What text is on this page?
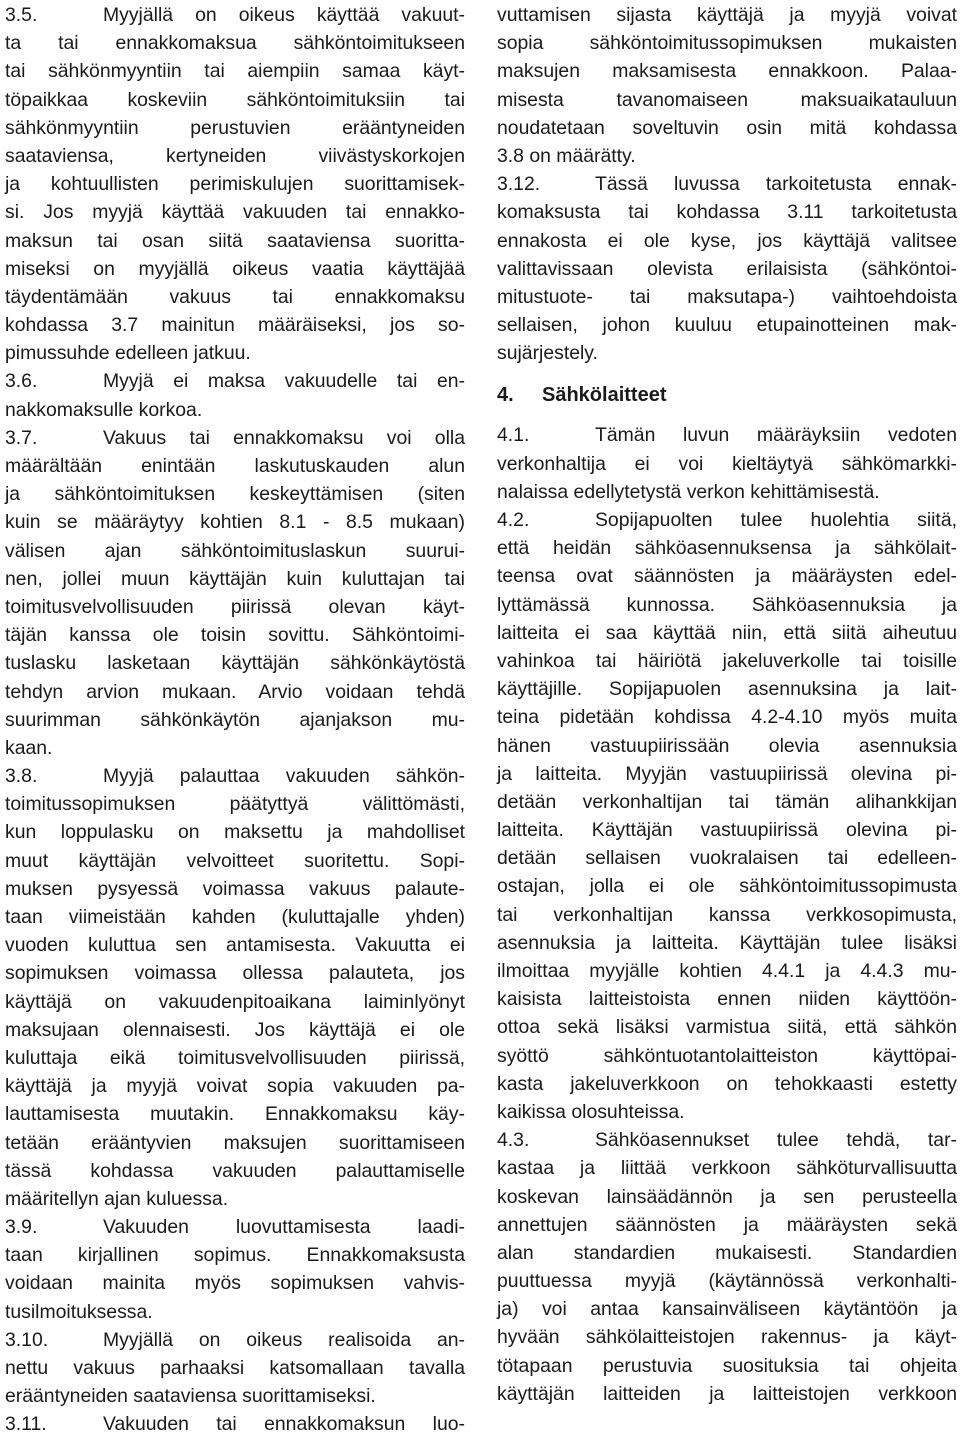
3.5.	Myyjällä on oikeus käyttää vakuut-
ta tai ennakkomaksua sähköntoimitukseen
tai sähkönmyyntiin tai aiempiin samaa käyt-
töpaikkaa koskeviin sähköntoimituksiin tai
sähkönmyyntiin perustuvien erääntyneiden
saataviensa, kertyneiden viivästyskorkojen
ja kohtuullisten perimiskulujen suorittamisek-
si. Jos myyjä käyttää vakuuden tai ennakko-
maksun tai osan siitä saataviensa suoritta-
miseksi on myyjällä oikeus vaatia käyttäjää
täydentämään vakuus tai ennakkomaksu
kohdassa 3.7 mainitun määräiseksi, jos so-
pimussuhde edelleen jatkuu.
3.6.	Myyjä ei maksa vakuudelle tai en-
nakkomaksulle korkoa.
3.7.	Vakuus tai ennakkomaksu voi olla
määrältään enintään laskutuskauden alun
ja sähköntoimituksen keskeyttämisen (siten
kuin se määräytyy kohtien 8.1 - 8.5 mukaan)
välisen ajan sähköntoimituslaskun suurui-
nen, jollei muun käyttäjän kuin kuluttajan tai
toimitusvelvollisuuden piirissä olevan käyt-
täjän kanssa ole toisin sovittu. Sähköntoimi-
tuslasku lasketaan käyttäjän sähkönkäytöstä
tehdyn arvion mukaan. Arvio voidaan tehdä
suurimman sähkönkäytön ajanjakson mu-
kaan.
3.8.	Myyjä palauttaa vakuuden sähkön-
toimitussopimuksen päätyttyä välittömästi,
kun loppulasku on maksettu ja mahdolliset
muut käyttäjän velvoitteet suoritettu. Sopi-
muksen pysyessä voimassa vakuus palaute-
taan viimeistään kahden (kuluttajalle yhden)
vuoden kuluttua sen antamisesta. Vakuutta ei
sopimuksen voimassa ollessa palauteta, jos
käyttäjä on vakuudenpitoaikana laiminlyönyt
maksujaan olennaisesti. Jos käyttäjä ei ole
kuluttaja eikä toimitusvelvollisuuden piirissä,
käyttäjä ja myyjä voivat sopia vakuuden pa-
lauttamisesta muutakin. Ennakkomaksu käy-
tetään erääntyvien maksujen suorittamiseen
tässä kohdassa vakuuden palauttamiselle
määritellyn ajan kuluessa.
3.9.	Vakuuden luovuttamisesta laadi-
taan kirjallinen sopimus. Ennakkomaksusta
voidaan mainita myös sopimuksen vahvis-
tusilmoituksessa.
3.10.	Myyjällä on oikeus realisoida an-
nettu vakuus parhaaksi katsomallaan tavalla
erääntyneiden saataviensa suorittamiseksi.
3.11.	Vakuuden tai ennakkomaksun luo-
vuttamisen sijasta käyttäjä ja myyjä voivat
sopia sähköntoimitussopimuksen mukaisten
maksujen maksamisesta ennakkoon. Palaa-
misesta tavanomaiseen maksuaikatauluun
noudatetaan soveltuvin osin mitä kohdassa
3.8 on määrätty.
3.12.	Tässä luvussa tarkoitetusta ennak-
komaksusta tai kohdassa 3.11 tarkoitetusta
ennakosta ei ole kyse, jos käyttäjä valitsee
valittavissaan olevista erilaisista (sähköntoi-
mitustuote- tai maksutapa-) vaihtoehdoista
sellaisen, johon kuuluu etupainotteinen mak-
sujärjestely.
4. Sähkölaitteet
4.1.	Tämän luvun määräyksiin vedoten
verkonhaltija ei voi kieltäytyä sähkömarkki-
nalaissa edellytetystä verkon kehittämisestä.
4.2.	Sopijapuolten tulee huolehtia siitä,
että heidän sähköasennuksensa ja sähkölait-
teensa ovat säännösten ja määräysten edel-
lyttämässä kunnossa. Sähköasennuksia ja
laitteita ei saa käyttää niin, että siitä aiheutuu
vahinkoa tai häiriötä jakeluverkolle tai toisille
käyttäjille. Sopijapuolen asennuksina ja lait-
teina pidetään kohdissa 4.2-4.10 myös muita
hänen vastuupiirissään olevia asennuksia
ja laitteita. Myyjän vastuupiirissä olevina pi-
detään verkonhaltijan tai tämän alihankkijan
laitteita. Käyttäjän vastuupiirissä olevina pi-
detään sellaisen vuokralaisen tai edelleen-
ostajan, jolla ei ole sähköntoimitussopimusta
tai verkonhaltijan kanssa verkkosopimusta,
asennuksia ja laitteita. Käyttäjän tulee lisäksi
ilmoittaa myyjälle kohtien 4.4.1 ja 4.4.3 mu-
kaisista laitteistoista ennen niiden käyttöön-
ottoa sekä lisäksi varmistua siitä, että sähkön
syöttö sähköntuotantolaitteiston käyttöpai-
kasta jakeluverkkoon on tehokkaasti estetty
kaikissa olosuhteissa.
4.3.	Sähköasennukset tulee tehdä, tar-
kastaa ja liittää verkkoon sähköturvallisuutta
koskevan lainsäädännön ja sen perusteella
annettujen säännösten ja määräysten sekä
alan standardien mukaisesti. Standardien
puuttuessa myyjä (käytännössä verkonhalti-
ja) voi antaa kansainväliseen käytäntöön ja
hyvään sähkölaitteistojen rakennus- ja käyt-
tötapaan perustuvia suosituksia tai ohjeita
käyttäjän laitteiden ja laitteistojen verkkoon
